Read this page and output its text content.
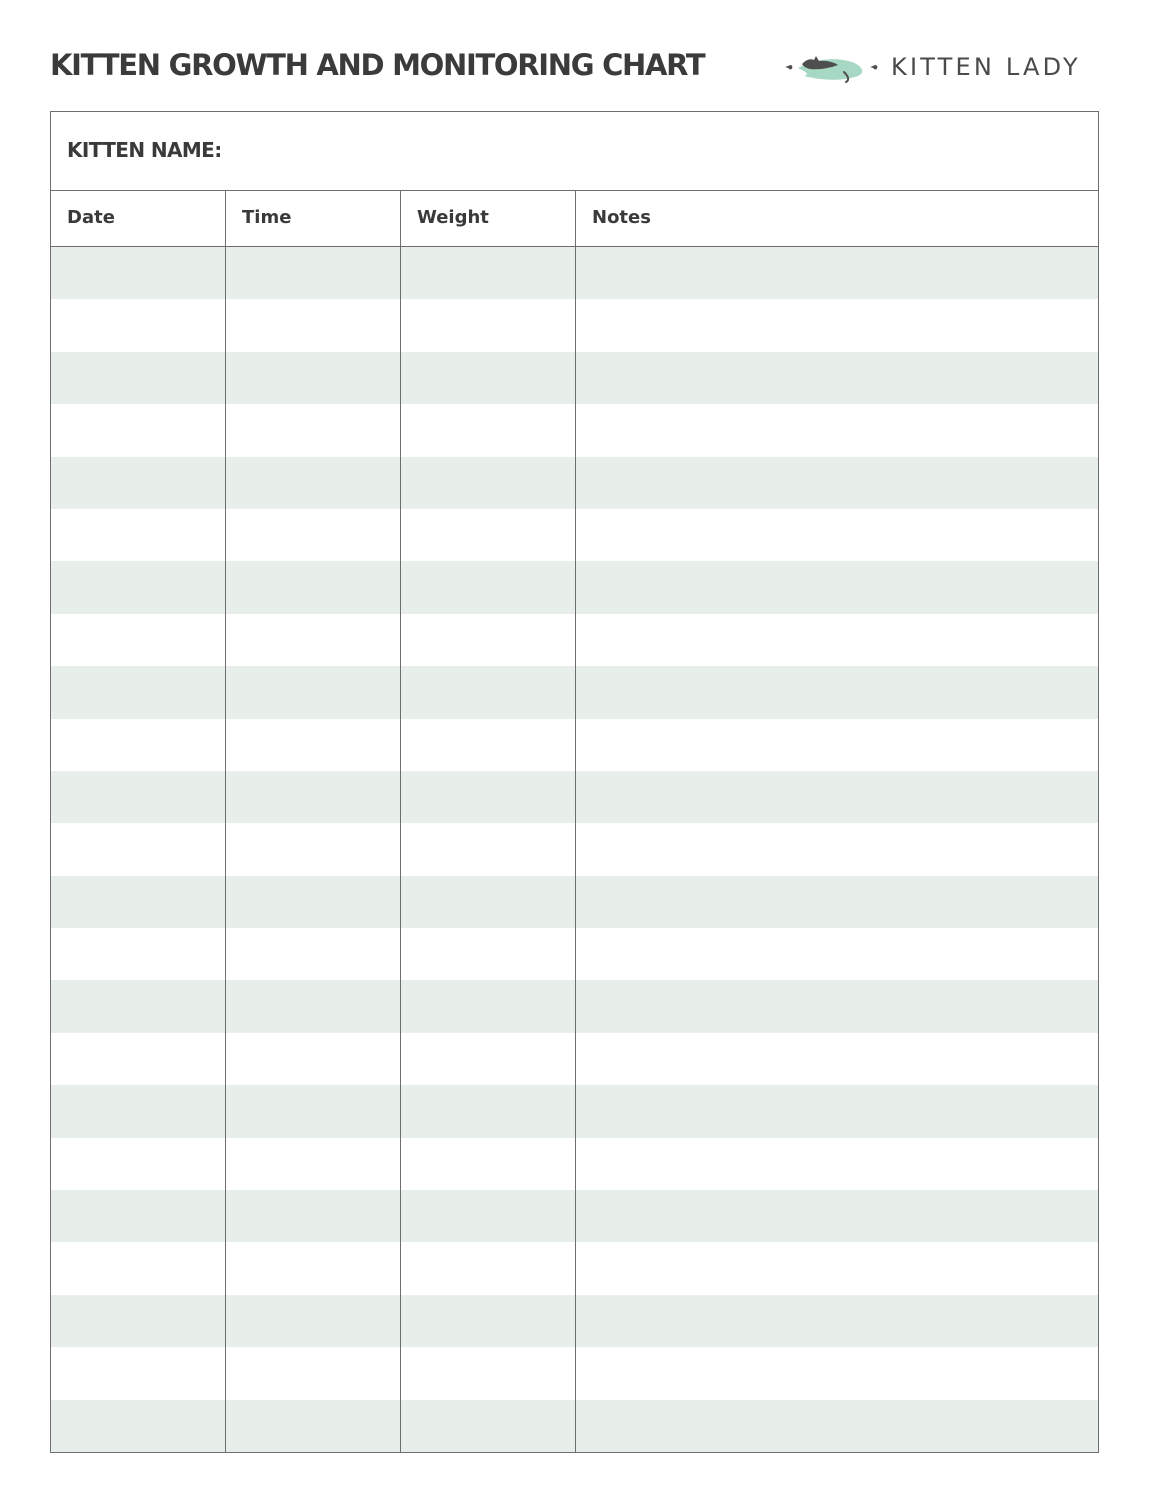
KITTEN GROWTH AND MONITORING CHART	KITTEN LADY
KITTEN NAME:
Date	Time	Weight	Notes
